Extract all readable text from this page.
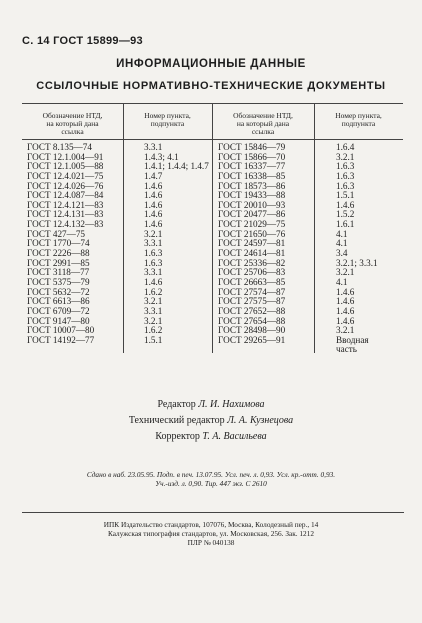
С. 14 ГОСТ 15899—93
ИНФОРМАЦИОННЫЕ ДАННЫЕ
ССЫЛОЧНЫЕ НОРМАТИВНО-ТЕХНИЧЕСКИЕ ДОКУМЕНТЫ
Обозначение НТД,
на который дана
ссылка
Номер пункта,
подпункта
Обозначение НТД,
на который дана
ссылка
Номер пункта,
подпункта
ГОСТ 8.135—74
ГОСТ 12.1.004—91
ГОСТ 12.1.005—88
ГОСТ 12.4.021—75
ГОСТ 12.4.026—76
ГОСТ 12.4.087—84
ГОСТ 12.4.121—83
ГОСТ 12.4.131—83
ГОСТ 12.4.132—83
ГОСТ 427—75
ГОСТ 1770—74
ГОСТ 2226—88
ГОСТ 2991—85
ГОСТ 3118—77
ГОСТ 5375—79
ГОСТ 5632—72
ГОСТ 6613—86
ГОСТ 6709—72
ГОСТ 9147—80
ГОСТ 10007—80
ГОСТ 14192—77
3.3.1
1.4.3; 4.1
1.4.1; 1.4.4; 1.4.7
1.4.7
1.4.6
1.4.6
1.4.6
1.4.6
1.4.6
3.2.1
3.3.1
1.6.3
1.6.3
3.3.1
1.4.6
1.6.2
3.2.1
3.3.1
3.2.1
1.6.2
1.5.1
ГОСТ 15846—79
ГОСТ 15866—70
ГОСТ 16337—77
ГОСТ 16338—85
ГОСТ 18573—86
ГОСТ 19433—88
ГОСТ 20010—93
ГОСТ 20477—86
ГОСТ 21029—75
ГОСТ 21650—76
ГОСТ 24597—81
ГОСТ 24614—81
ГОСТ 25336—82
ГОСТ 25706—83
ГОСТ 26663—85
ГОСТ 27574—87
ГОСТ 27575—87
ГОСТ 27652—88
ГОСТ 27654—88
ГОСТ 28498—90
ГОСТ 29265—91
1.6.4
3.2.1
1.6.3
1.6.3
1.6.3
1.5.1
1.4.6
1.5.2
1.6.1
4.1
4.1
3.4
3.2.1; 3.3.1
3.2.1
4.1
1.4.6
1.4.6
1.4.6
1.4.6
3.2.1
Вводная
часть
Редактор Л. И. Нахимова
Технический редактор Л. А. Кузнецова
Корректор Т. А. Васильева
Сдано в наб. 23.05.95. Подп. в печ. 13.07.95. Усл. печ. л. 0,93. Усл. кр.-отт. 0,93.
Уч.-изд. л. 0,90. Тир. 447 экз. С 2610
ИПК Издательство стандартов, 107076, Москва, Колодезный пер., 14
Калужская типография стандартов, ул. Московская, 256. Зак. 1212
ПЛР № 040138
